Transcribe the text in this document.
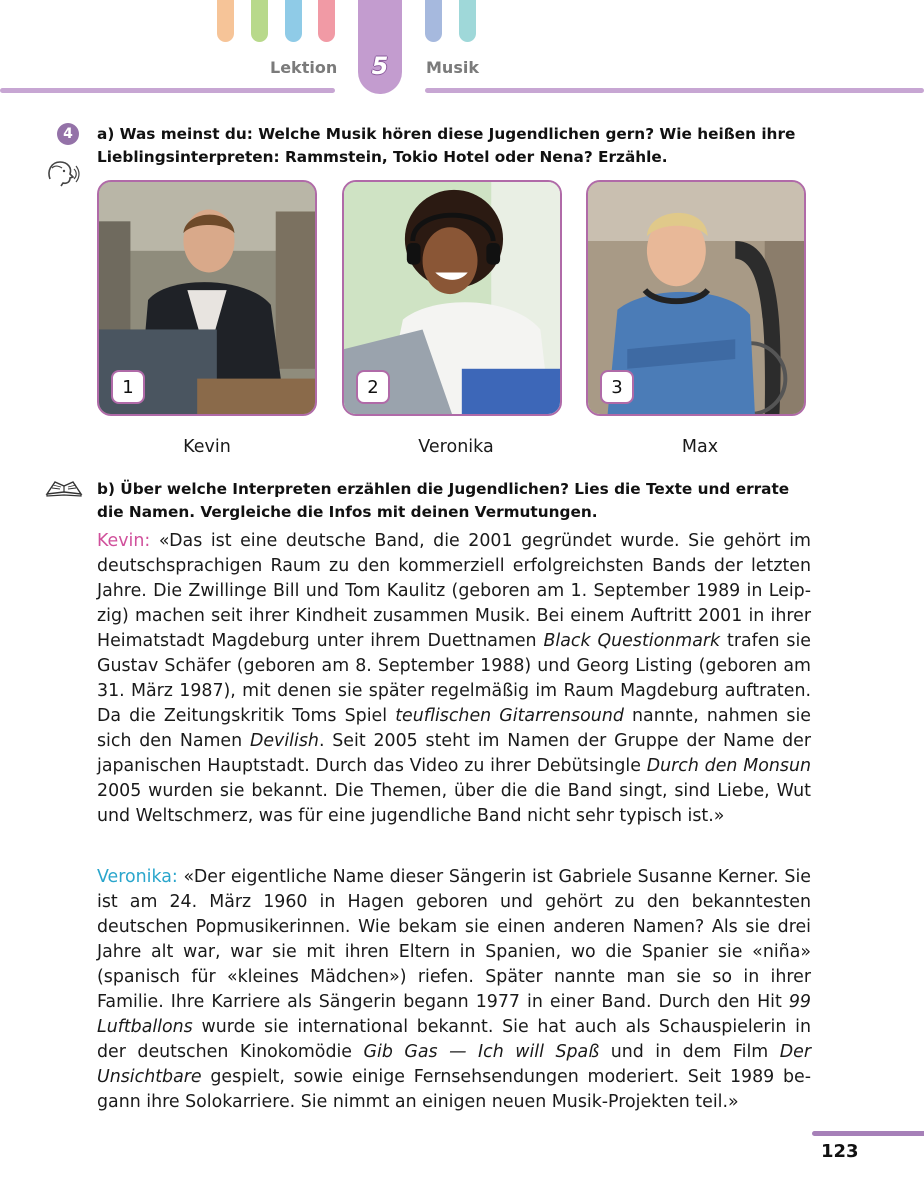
5
Lektion	Musik
4	a) Was meinst du: Welche Musik hören diese Jugendlichen gern? Wie heißen ihre Lieblingsinterpreten: Rammstein, Tokio Hotel oder Nena? Erzähle.
1	2	3
Kevin	Veronika	Max
b) Über welche Interpreten erzählen die Jugendlichen? Lies die Texte und errate die Namen. Vergleiche die Infos mit deinen Vermutungen.
Kevin: «Das ist eine deutsche Band, die 2001 gegründet wurde. Sie gehört im deutschsprachigen Raum zu den kommerziell erfolgreichsten Bands der letzten Jahre. Die Zwillinge Bill und Tom Kaulitz (geboren am 1. September 1989 in Leipzig) machen seit ihrer Kindheit zusammen Musik. Bei einem Auftritt 2001 in ihrer Heimatstadt Magdeburg unter ihrem Duettnamen Black Questionmark trafen sie Gustav Schäfer (geboren am 8. September 1988) und Georg Listing (geboren am 31. März 1987), mit denen sie später regelmäßig im Raum Magdeburg auftraten. Da die Zeitungskritik Toms Spiel teuflischen Gitarrensound nannte, nahmen sie sich den Namen Devilish. Seit 2005 steht im Namen der Gruppe der Name der japanischen Hauptstadt. Durch das Video zu ihrer Debütsingle Durch den Monsun 2005 wurden sie bekannt. Die Themen, über die die Band singt, sind Liebe, Wut und Weltschmerz, was für eine jugendliche Band nicht sehr typisch ist.»
Veronika: «Der eigentliche Name dieser Sängerin ist Gabriele Susanne Kerner. Sie ist am 24. März 1960 in Hagen geboren und gehört zu den bekanntesten deutschen Popmusikerinnen. Wie bekam sie einen anderen Namen? Als sie drei Jahre alt war, war sie mit ihren Eltern in Spanien, wo die Spanier sie «niña» (spanisch für «kleines Mädchen») riefen. Später nannte man sie so in ihrer Familie. Ihre Karriere als Sängerin begann 1977 in einer Band. Durch den Hit 99 Luftballons wurde sie international bekannt. Sie hat auch als Schauspielerin in der deutschen Kinokomödie Gib Gas — Ich will Spaß und in dem Film Der Unsichtbare gespielt, sowie einige Fernsehsendungen moderiert. Seit 1989 begann ihre Solokarriere. Sie nimmt an einigen neuen Musik-Projekten teil.»
123
